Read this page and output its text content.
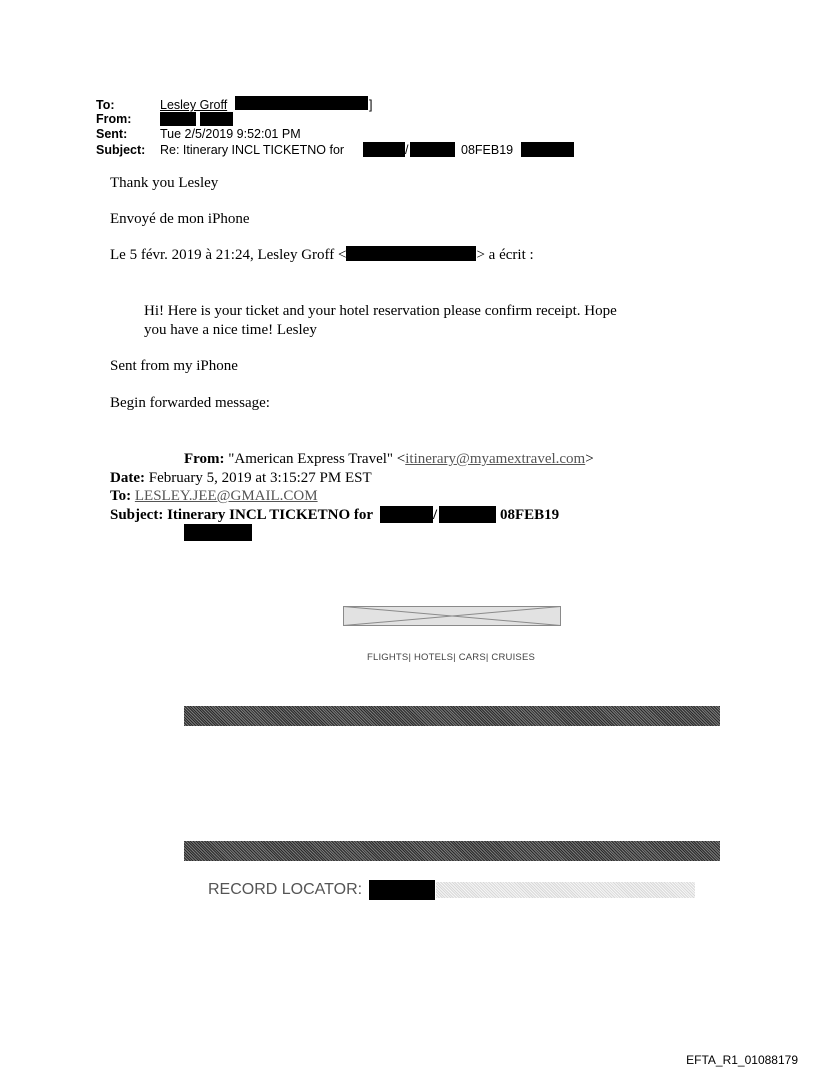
To:	Lesley Groff	]
From:
Sent:	Tue 2/5/2019 9:52:01 PM
Subject: Re: Itinerary INCL TICKETNO for	/	08FEB19
Thank you Lesley
Envoyé de mon iPhone
Le 5 févr. 2019 à 21:24, Lesley Groff <	> a écrit :
Hi! Here is your ticket and your hotel reservation please confirm receipt. Hope
you have a nice time! Lesley
Sent from my iPhone
Begin forwarded message:
From: "American Express Travel" <itinerary@myamextravel.com>
Date: February 5, 2019 at 3:15:27 PM EST
To: LESLEY.JEE@GMAIL.COM
Subject: Itinerary INCL TICKETNO for	/	08FEB19
FLIGHTS| HOTELS| CARS| CRUISES
RECORD LOCATOR:
EFTA_R1_01088179
